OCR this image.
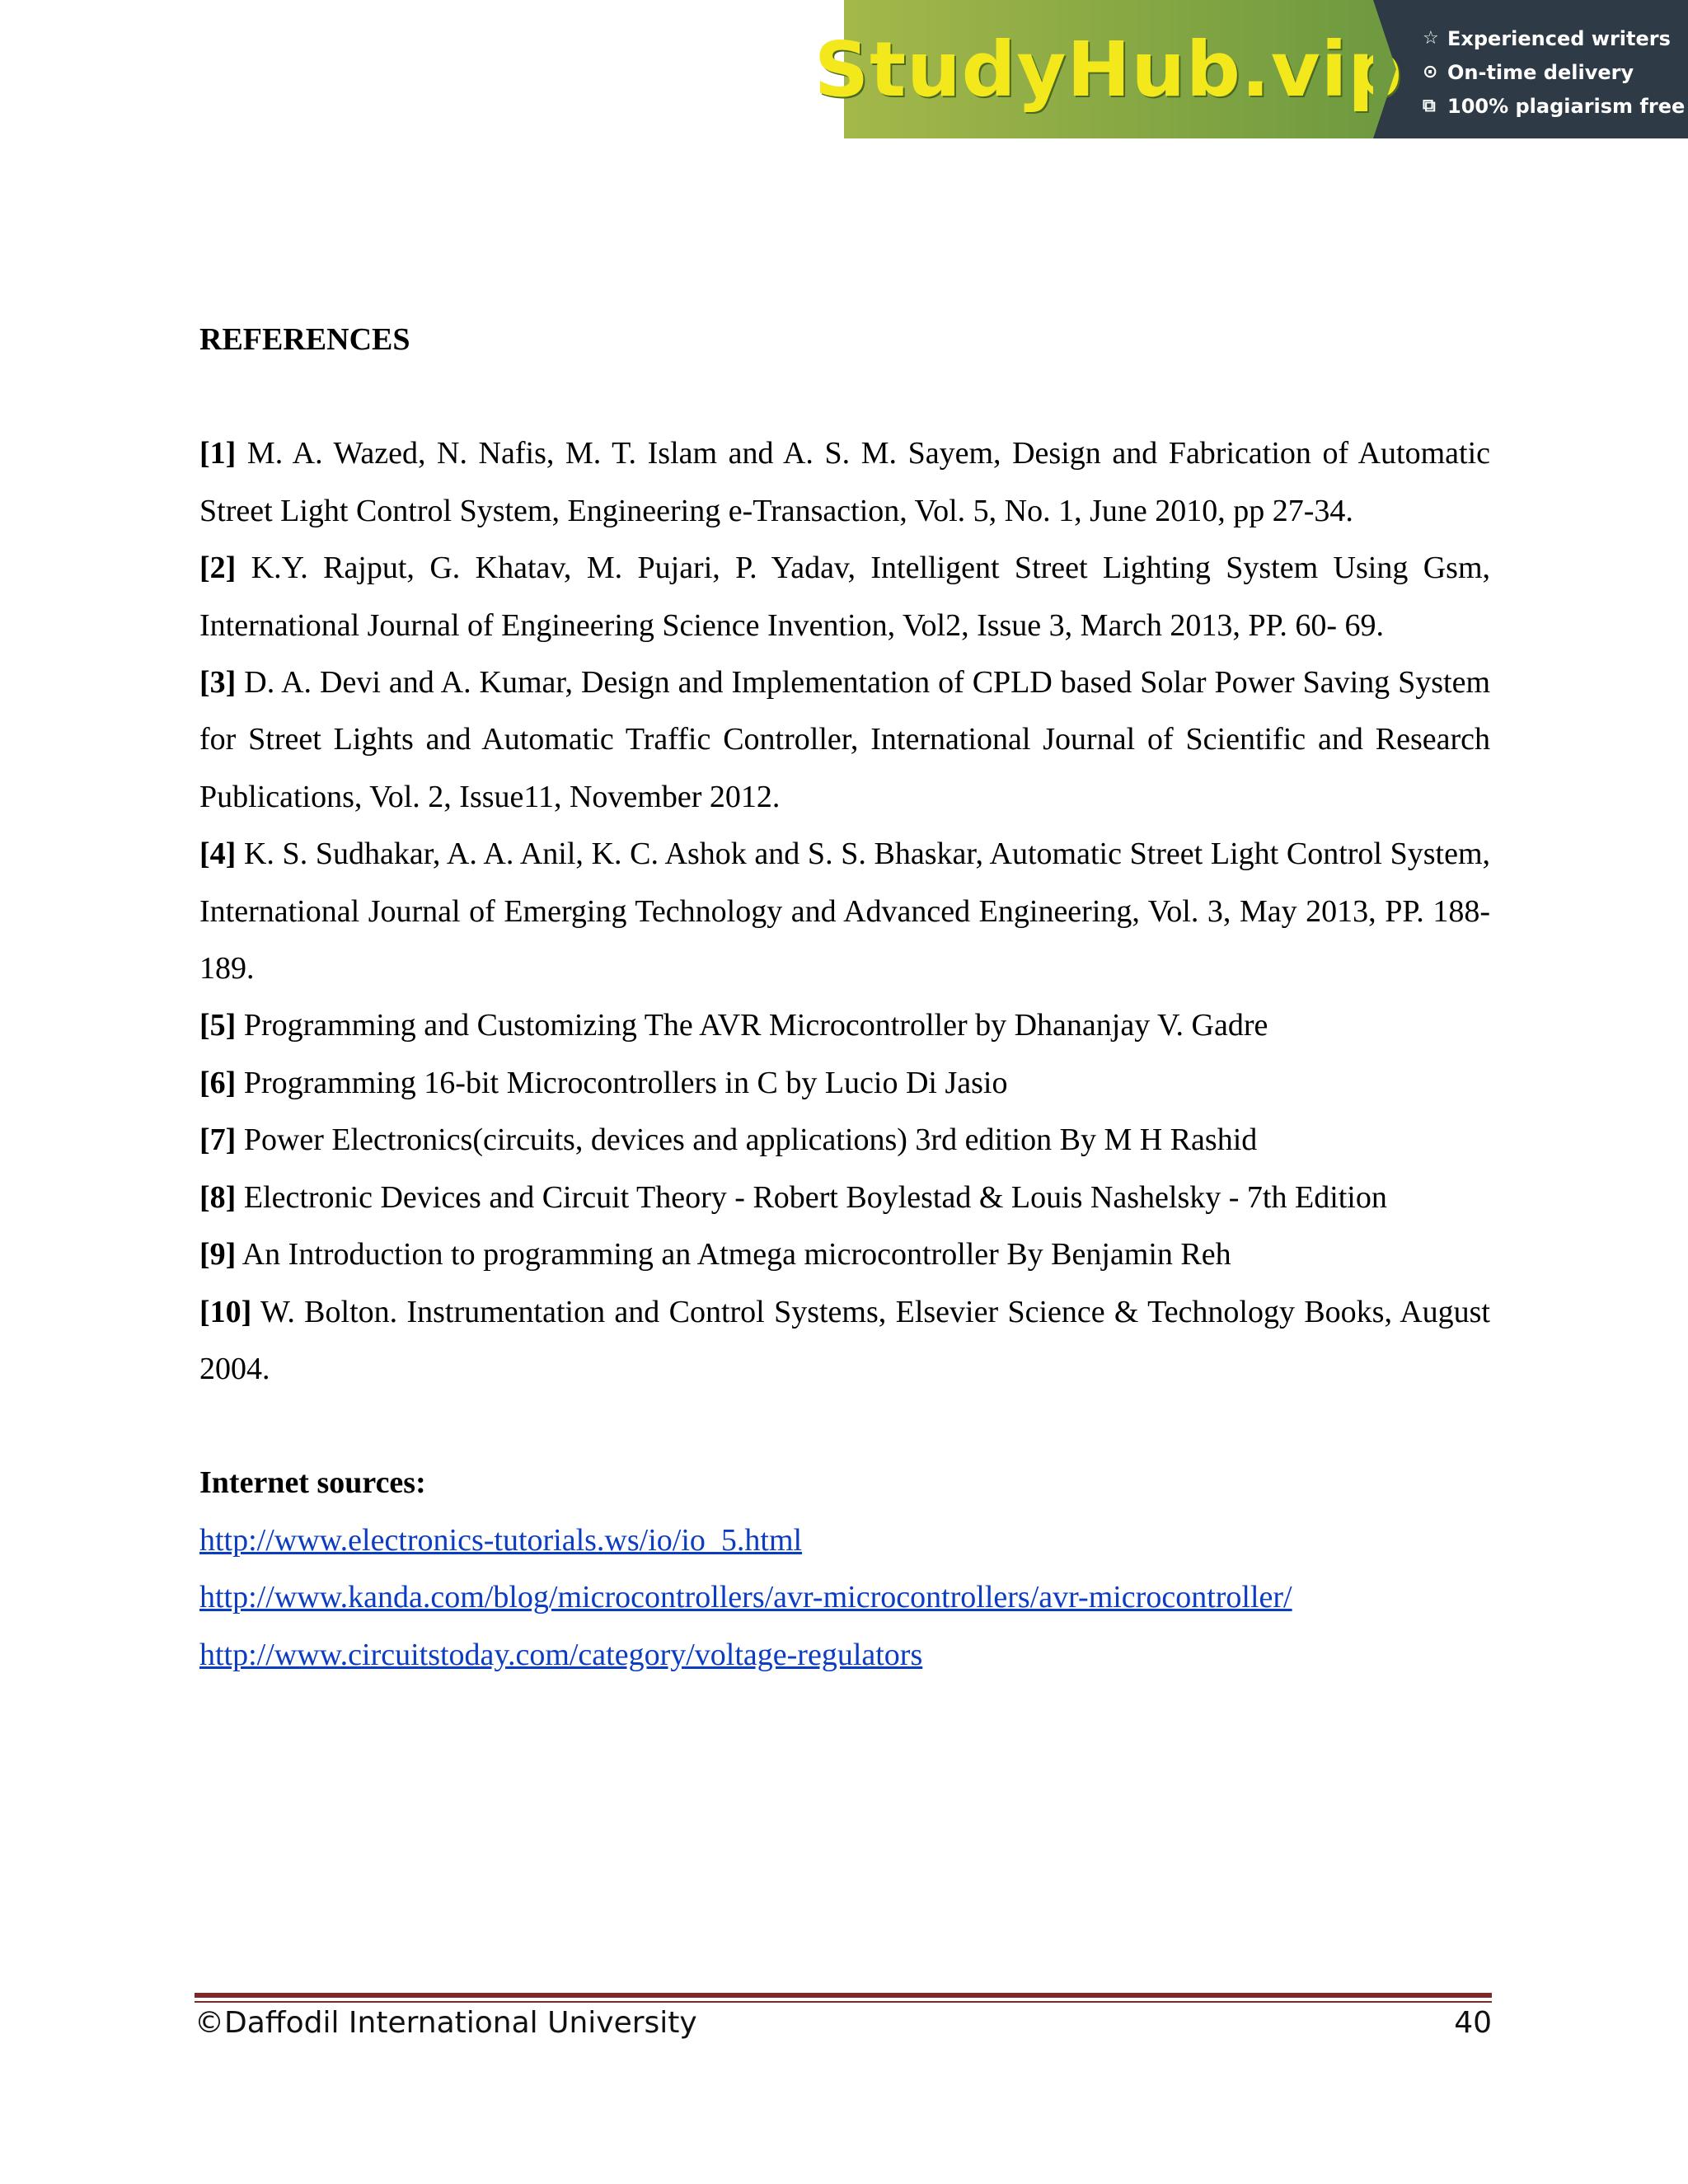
StudyHub.vip ☆ Experienced writers
⊙ On-time delivery
⧉ 100% plagiarism free
REFERENCES
[1] M. A. Wazed, N. Nafis, M. T. Islam and A. S. M. Sayem, Design and Fabrication of Automatic Street Light Control System, Engineering e-Transaction, Vol. 5, No. 1, June 2010, pp 27-34.
[2] K.Y. Rajput, G. Khatav, M. Pujari, P. Yadav, Intelligent Street Lighting System Using Gsm, International Journal of Engineering Science Invention, Vol2, Issue 3, March 2013, PP. 60- 69.
[3] D. A. Devi and A. Kumar, Design and Implementation of CPLD based Solar Power Saving System for Street Lights and Automatic Traffic Controller, International Journal of Scientific and Research Publications, Vol. 2, Issue11, November 2012.
[4] K. S. Sudhakar, A. A. Anil, K. C. Ashok and S. S. Bhaskar, Automatic Street Light Control System, International Journal of Emerging Technology and Advanced Engineering, Vol. 3, May 2013, PP. 188-189.
[5] Programming and Customizing The AVR Microcontroller by Dhananjay V. Gadre
[6] Programming 16-bit Microcontrollers in C by Lucio Di Jasio
[7] Power Electronics(circuits, devices and applications) 3rd edition By M H Rashid
[8] Electronic Devices and Circuit Theory - Robert Boylestad & Louis Nashelsky - 7th Edition
[9] An Introduction to programming an Atmega microcontroller By Benjamin Reh
[10] W. Bolton. Instrumentation and Control Systems, Elsevier Science & Technology Books, August 2004.
Internet sources:
http://www.electronics-tutorials.ws/io/io_5.html
http://www.kanda.com/blog/microcontrollers/avr-microcontrollers/avr-microcontroller/
http://www.circuitstoday.com/category/voltage-regulators
©Daffodil International University	40
